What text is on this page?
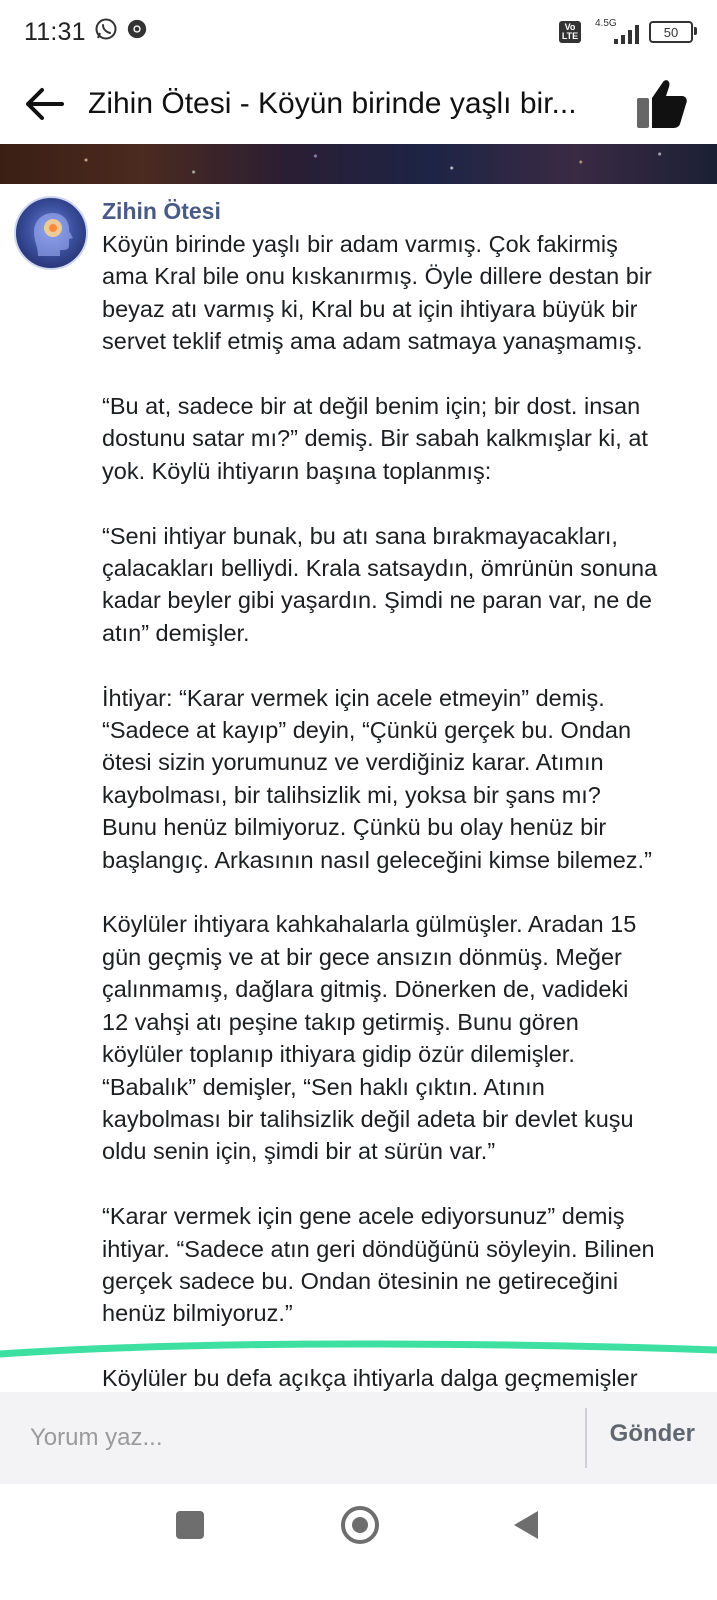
11:31	Vo LTE
4.5G
50
Zihin Ötesi - Köyün birinde yaşlı bir...
Zihin Ötesi

Köyün birinde yaşlı bir adam varmış. Çok fakirmiş
ama Kral bile onu kıskanırmış. Öyle dillere destan bir
beyaz atı varmış ki, Kral bu at için ihtiyara büyük bir
servet teklif etmiş ama adam satmaya yanaşmamış.

“Bu at, sadece bir at değil benim için; bir dost. insan
dostunu satar mı?” demiş. Bir sabah kalkmışlar ki, at
yok. Köylü ihtiyarın başına toplanmış:

“Seni ihtiyar bunak, bu atı sana bırakmayacakları,
çalacakları belliydi. Krala satsaydın, ömrünün sonuna
kadar beyler gibi yaşardın. Şimdi ne paran var, ne de
atın” demişler.

İhtiyar: “Karar vermek için acele etmeyin” demiş.
“Sadece at kayıp” deyin, “Çünkü gerçek bu. Ondan
ötesi sizin yorumunuz ve verdiğiniz karar. Atımın
kaybolması, bir talihsizlik mi, yoksa bir şans mı?
Bunu henüz bilmiyoruz. Çünkü bu olay henüz bir
başlangıç. Arkasının nasıl geleceğini kimse bilemez.”

Köylüler ihtiyara kahkahalarla gülmüşler. Aradan 15
gün geçmiş ve at bir gece ansızın dönmüş. Meğer
çalınmamış, dağlara gitmiş. Dönerken de, vadideki
12 vahşi atı peşine takıp getirmiş. Bunu gören
köylüler toplanıp ithiyara gidip özür dilemişler.
“Babalık” demişler, “Sen haklı çıktın. Atının
kaybolması bir talihsizlik değil adeta bir devlet kuşu
oldu senin için, şimdi bir at sürün var.”

“Karar vermek için gene acele ediyorsunuz” demiş
ihtiyar. “Sadece atın geri döndüğünü söyleyin. Bilinen
gerçek sadece bu. Ondan ötesinin ne getireceğini
henüz bilmiyoruz.”

Köylüler bu defa açıkça ihtiyarla dalga geçmemişler

Yorum yaz...
Gönder
